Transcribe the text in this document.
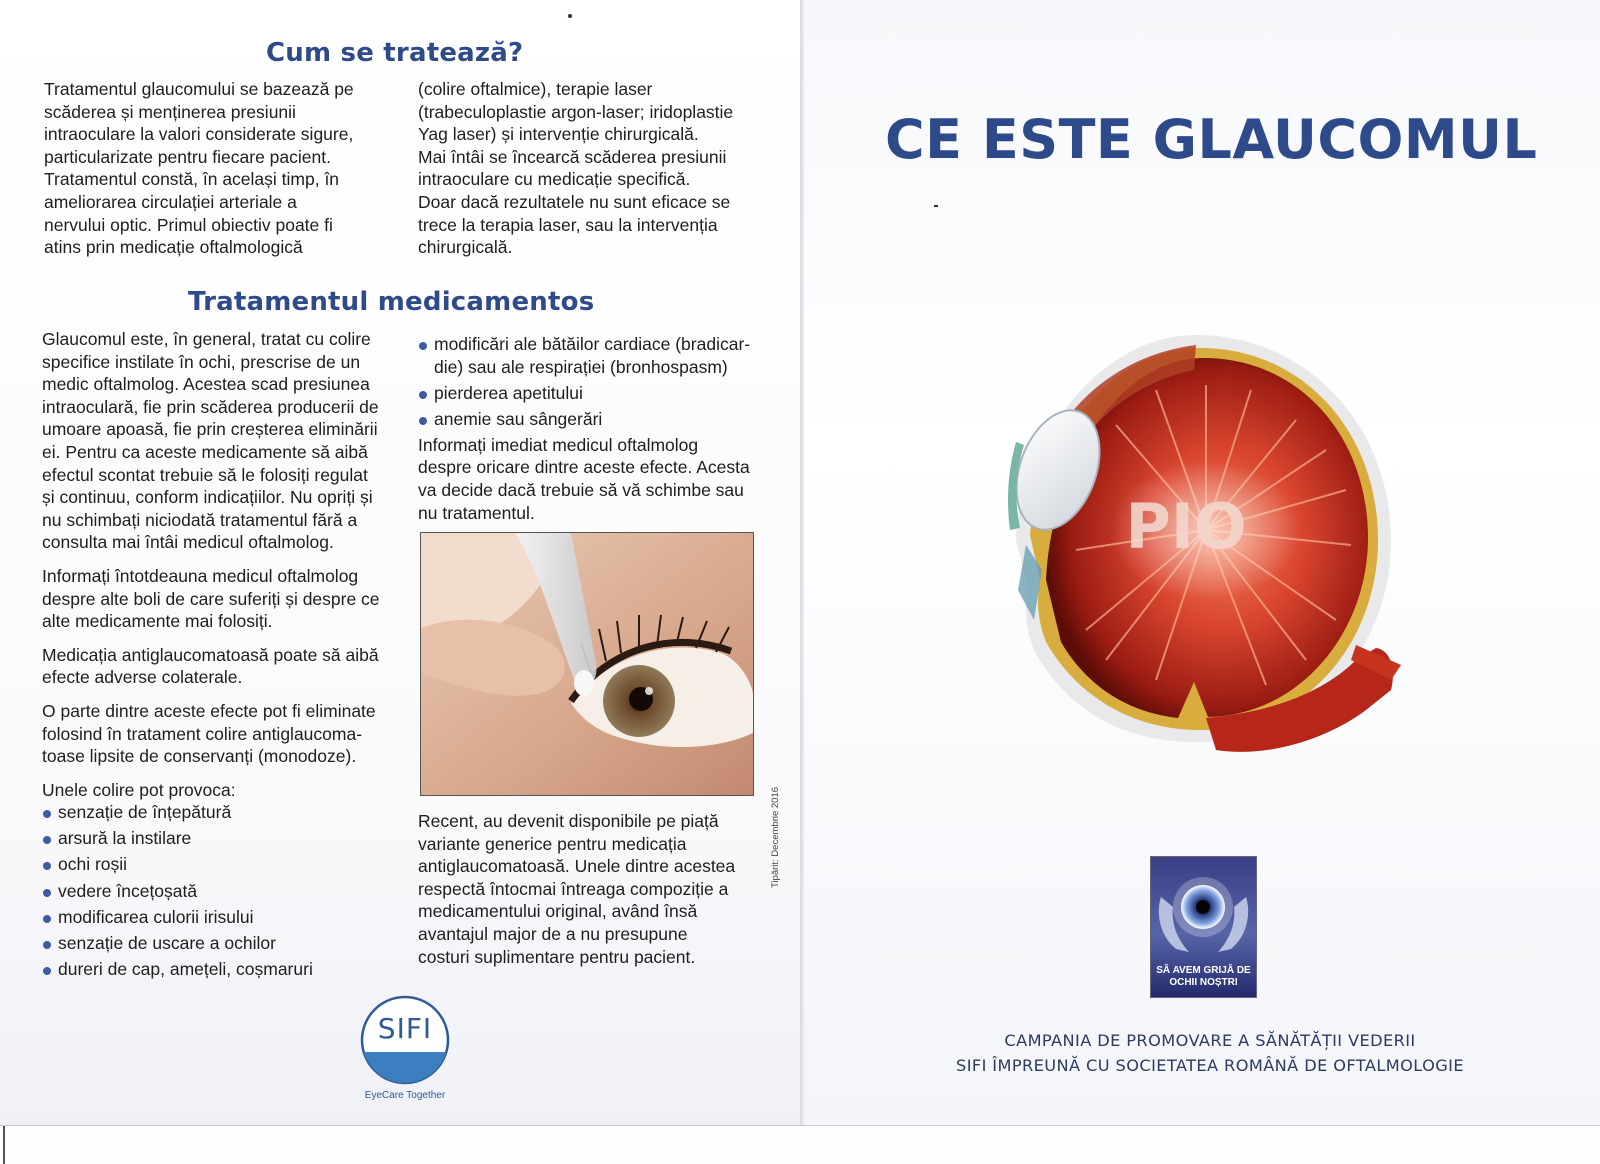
Cum se tratează?

Tratamentul glaucomului se bazează pe

scăderea și menținerea presiunii

intraoculare la valori considerate sigure,

particularizate pentru fiecare pacient.

Tratamentul constă, în același timp, în

ameliorarea circulației arteriale a

nervului optic. Primul obiectiv poate fi

atins prin medicație oftalmologică

(colire oftalmice), terapie laser

(trabeculoplastie argon-laser; iridoplastie

Yag laser) și intervenție chirurgicală.

Mai întâi se încearcă scăderea presiunii

intraoculare cu medicație specifică.

Doar dacă rezultatele nu sunt eficace se

trece la terapia laser, sau la intervenția

chirurgicală.

Tratamentul medicamentos

Glaucomul este, în general, tratat cu colire

specifice instilate în ochi, prescrise de un

medic oftalmolog. Acestea scad presiunea

intraoculară, fie prin scăderea producerii de

umoare apoasă, fie prin creșterea eliminării

ei. Pentru ca aceste medicamente să aibă

efectul scontat trebuie să le folosiți regulat

și continuu, conform indicațiilor. Nu opriți și

nu schimbați niciodată tratamentul fără a

consulta mai întâi medicul oftalmolog.

Informați întotdeauna medicul oftalmolog

despre alte boli de care suferiți și despre ce

alte medicamente mai folosiți.

Medicația antiglaucomatoasă poate să aibă

efecte adverse colaterale.

O parte dintre aceste efecte pot fi eliminate

folosind în tratament colire antiglaucoma-

toase lipsite de conservanți (monodoze).

Unele colire pot provoca:

senzație de înțepătură
arsură la instilare
ochi roșii
vedere încețoșată
modificarea culorii irisului
senzație de uscare a ochilor
dureri de cap, amețeli, coșmaruri
modificări ale bătăilor cardiace (bradicar-
die) sau ale respirației (bronhospasm)
pierderea apetitului
anemie sau sângerări

Informați imediat medicul oftalmolog

despre oricare dintre aceste efecte. Acesta

va decide dacă trebuie să vă schimbe sau

nu tratamentul.

Recent, au devenit disponibile pe piață

variante generice pentru medicația

antiglaucomatoasă. Unele dintre acestea

respectă întocmai întreaga compoziție a

medicamentului original, având însă

avantajul major de a nu presupune

costuri suplimentare pentru pacient.

Tipărit: Decembrie 2016
SIFI
EyeCare Together
CE ESTE GLAUCOMUL
PIO
SĂ AVEM GRIJĂ DE
OCHII NOȘTRI
CAMPANIA DE PROMOVARE A SĂNĂTĂȚII VEDERII
SIFI ÎMPREUNĂ CU SOCIETATEA ROMÂNĂ DE OFTALMOLOGIE
